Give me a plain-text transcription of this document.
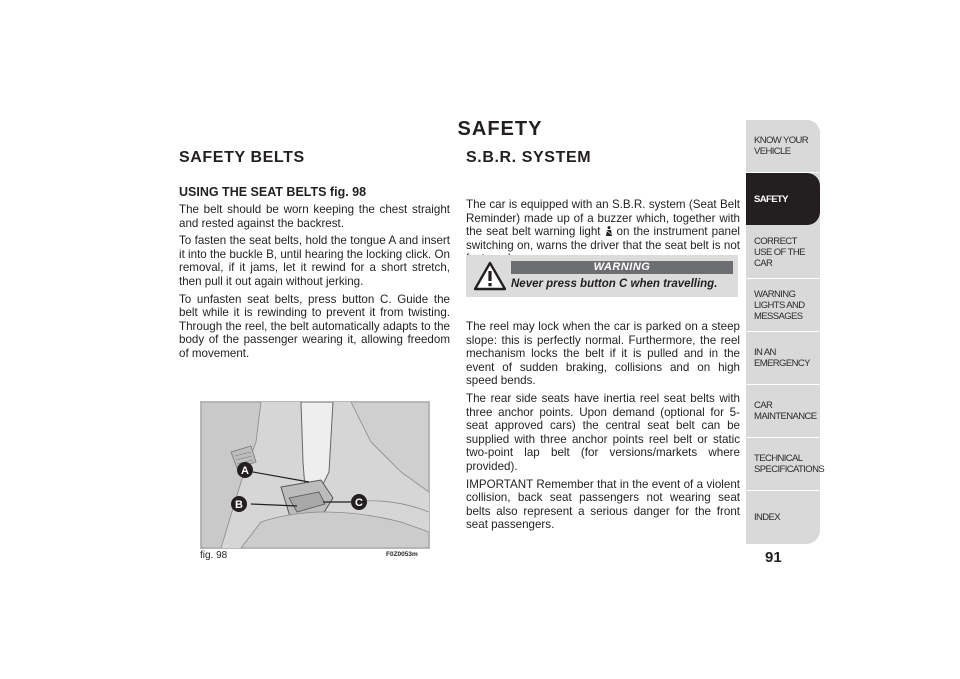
SAFETY
SAFETY BELTS
USING THE SEAT BELTS fig. 98

The belt should be worn keeping the chest straight and rested against the backrest.

To fasten the seat belts, hold the tongue A and insert it into the buckle B, until hearing the locking click. On removal, if it jams, let it rewind for a short stretch, then pull it out again without jerking.

To unfasten seat belts, press button C. Guide the belt while it is rewinding to prevent it from twisting. Through the reel, the belt automatically adapts to the body of the passenger wearing it, allowing freedom of movement.

S.B.R. SYSTEM

The car is equipped with an S.B.R. system (Seat Belt Reminder) made up of a buzzer which, together with the seat belt warning light on the instrument panel switching on, warns the driver that the seat belt is not

WARNING
Never press button C when travelling.

The reel may lock when the car is parked on a steep slope: this is perfectly normal. Furthermore, the reel mechanism locks the belt if it is pulled and in the event of sudden braking, collisions and on high speed bends.

The rear side seats have inertia reel seat belts with three anchor points. Upon demand (optional for 5-seat approved cars) the central seat belt can be supplied with three anchor points reel belt or static two-point lap belt (for versions/markets where provided).

IMPORTANT Remember that in the event of a violent collision, back seat passengers not wearing seat belts also represent a serious danger for the front seat passengers.

A
B	C
fig. 98	F0Z0053m	91
KNOW YOUR VEHICLE
SAFETY
CORRECT USE OF THE CAR
WARNING LIGHTS AND MESSAGES
IN AN EMERGENCY
CAR MAINTENANCE
TECHNICAL SPECIFICATIONS
INDEX
